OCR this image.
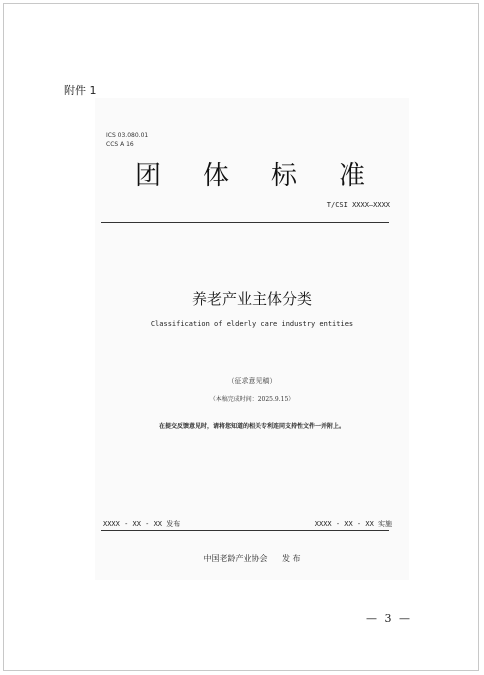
附件 1
ICS 03.080.01
CCS A 16
团 体 标 准
T/CSI XXXX—XXXX
养老产业主体分类
Classification of elderly care industry entities
（征求意见稿）
（本稿完成时间：2025.9.15）
在提交反馈意见时，请将您知道的相关专利连同支持性文件一并附上。
XXXX - XX - XX 发布	XXXX - XX - XX 实施
中国老龄产业协会 发 布
— 3 —
